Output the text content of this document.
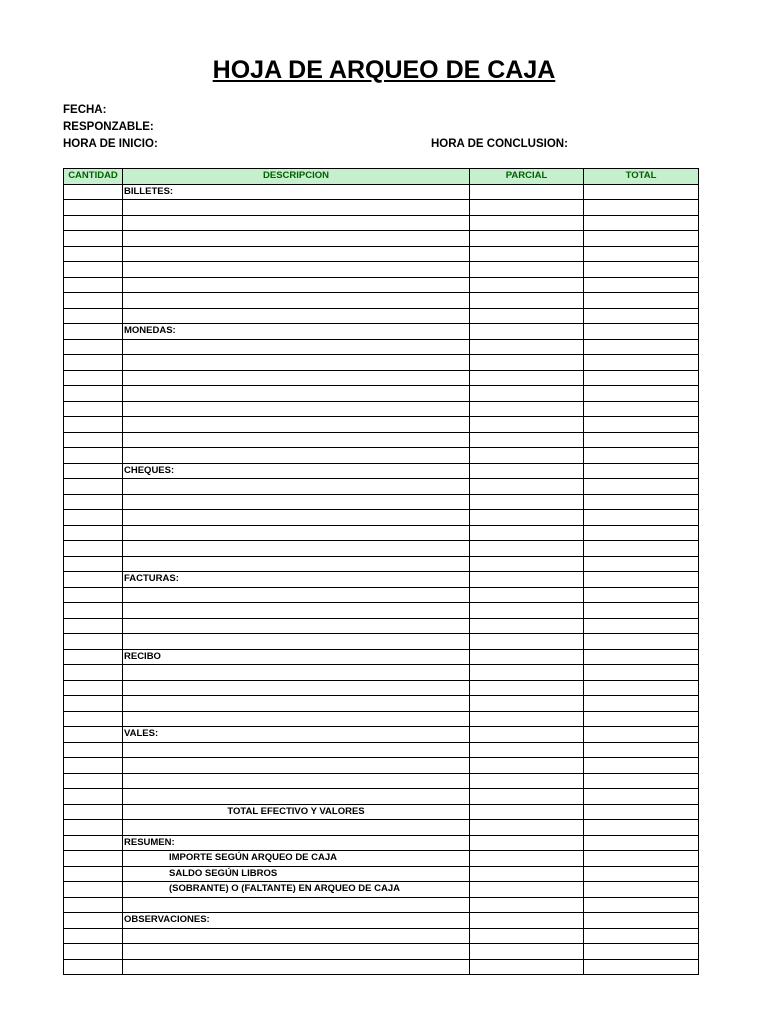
HOJA DE ARQUEO DE CAJA
FECHA:
RESPONZABLE:
HORA DE INICIO:	HORA DE CONCLUSION:
CANTIDAD	DESCRIPCION	PARCIAL	TOTAL
	BILLETES:		

	MONEDAS:		

	CHEQUES:		

	FACTURAS:		

	RECIBO		

	VALES:		

	TOTAL EFECTIVO Y VALORES		

	RESUMEN:		
	IMPORTE SEGÚN ARQUEO DE CAJA		
	SALDO SEGÚN LIBROS		
	(SOBRANTE) O (FALTANTE) EN ARQUEO DE CAJA		

	OBSERVACIONES:		
